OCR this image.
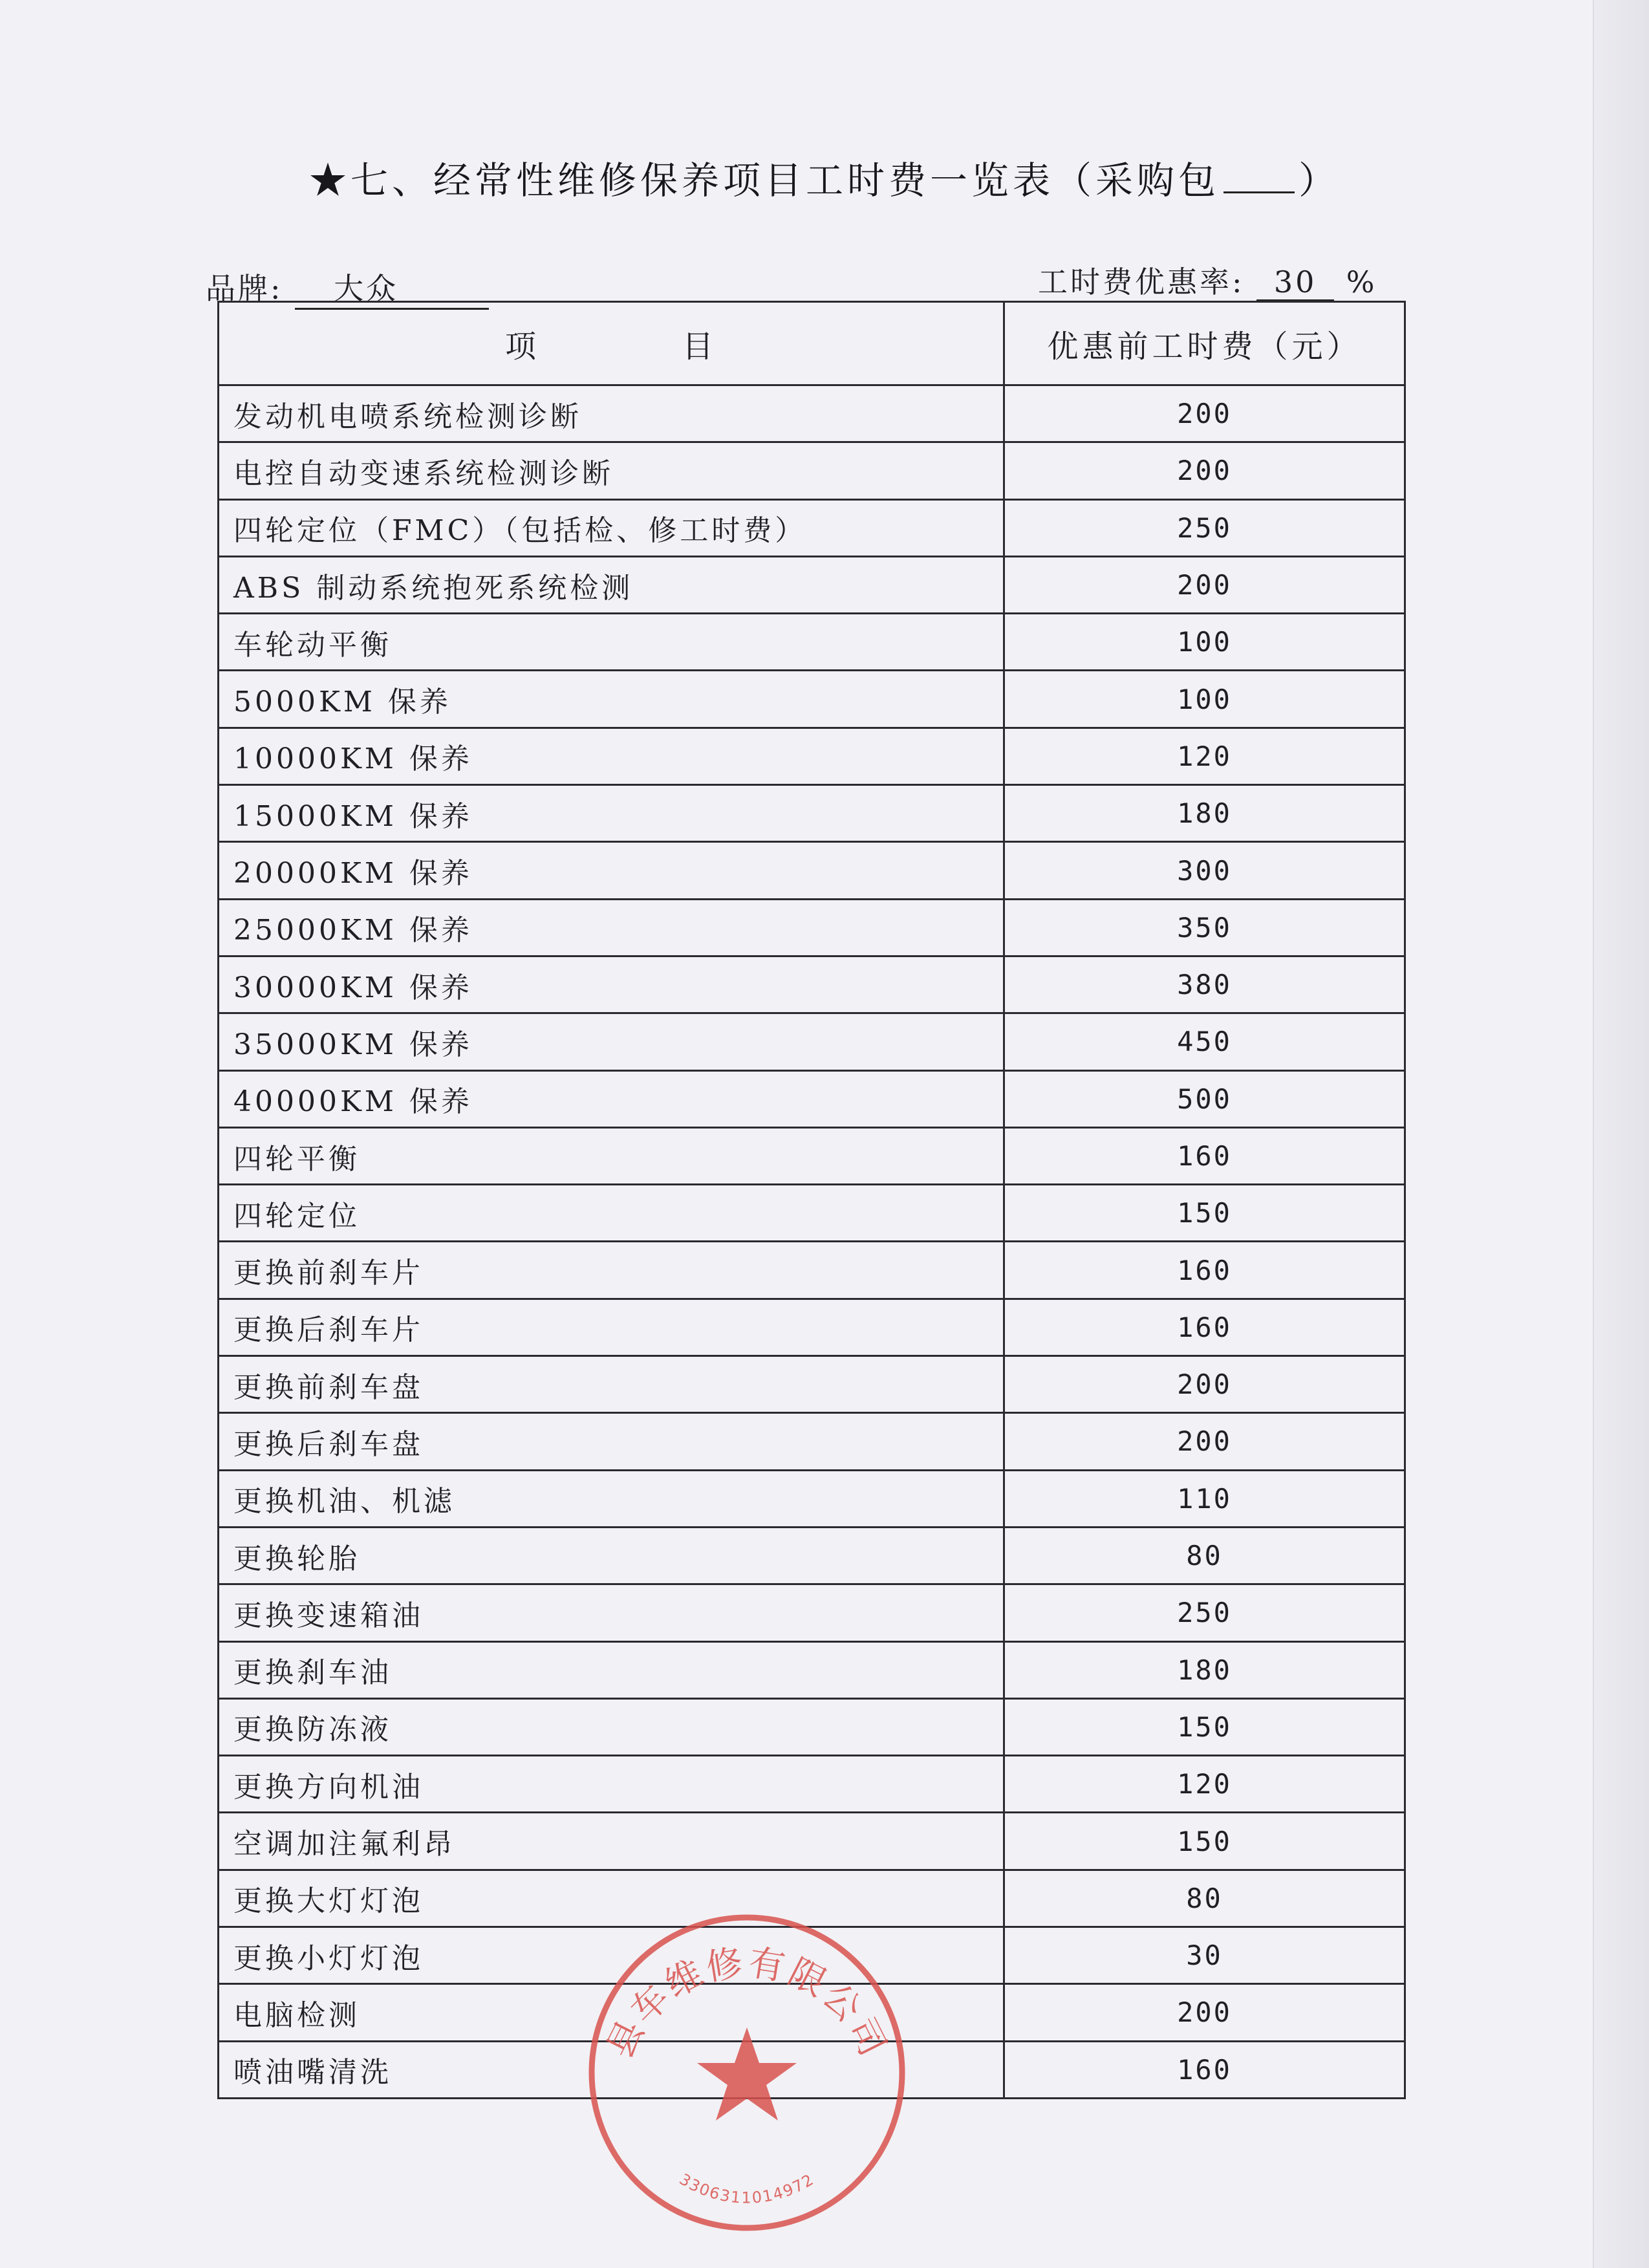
★七、经常性维修保养项目工时费一览表（采购包 ）
品牌: 大众	工时费优惠率: 30 %
项 目	优惠前工时费（元）
发动机电喷系统检测诊断	200
电控自动变速系统检测诊断	200
四轮定位（FMC）（包括检、修工时费）	250
ABS 制动系统抱死系统检测	200
车轮动平衡	100
5000KM 保养	100
10000KM 保养	120
15000KM 保养	180
20000KM 保养	300
25000KM 保养	350
30000KM 保养	380
35000KM 保养	450
40000KM 保养	500
四轮平衡	160
四轮定位	150
更换前刹车片	160
更换后刹车片	160
更换前刹车盘	200
更换后刹车盘	200
更换机油、机滤	110
更换轮胎	80
更换变速箱油	250
更换刹车油	180
更换防冻液	150
更换方向机油	120
空调加注氟利昂	150
更换大灯灯泡	80
更换小灯灯泡	30
电脑检测	200
喷油嘴清洗	160
县车维修有限公司
3306311014972
